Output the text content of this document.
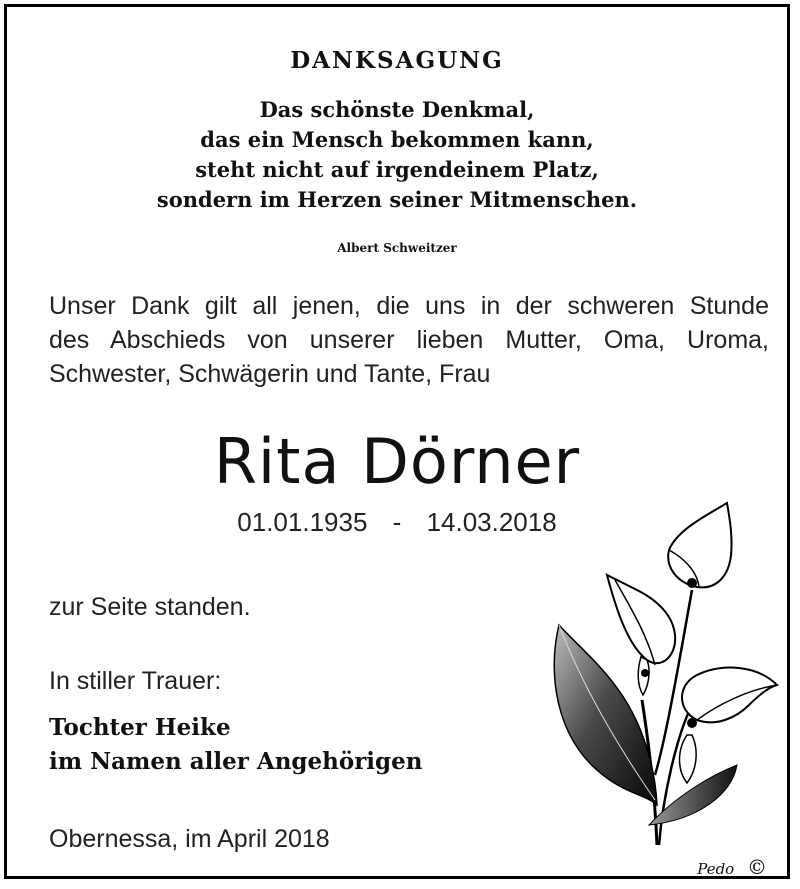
DANKSAGUNG
Das schönste Denkmal,
das ein Mensch bekommen kann,
steht nicht auf irgendeinem Platz,
sondern im Herzen seiner Mitmenschen.
Albert Schweitzer
Unser Dank gilt all jenen, die uns in der schweren Stunde
des Abschieds von unserer lieben Mutter, Oma, Uroma,
Schwester, Schwägerin und Tante, Frau
Rita Dörner
01.01.1935 - 14.03.2018
zur Seite standen.
In stiller Trauer:
Tochter Heike
im Namen aller Angehörigen
Obernessa, im April 2018
Pedo ©
